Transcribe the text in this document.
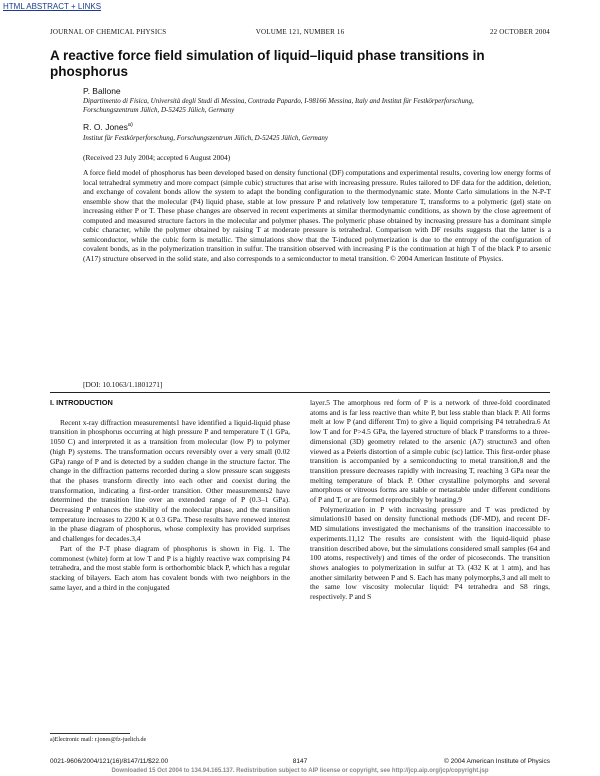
HTML ABSTRACT + LINKS
JOURNAL OF CHEMICAL PHYSICS	VOLUME 121, NUMBER 16	22 OCTOBER 2004
A reactive force field simulation of liquid–liquid phase transitions in phosphorus
P. Ballone
Dipartimento di Fisica, Università degli Studi di Messina, Contrada Papardo, I-98166 Messina, Italy and Institut für Festkörperforschung, Forschungszentrum Jülich, D-52425 Jülich, Germany
R. O. Jones$^{a)}$
Institut für Festkörperforschung, Forschungszentrum Jülich, D-52425 Jülich, Germany
(Received 23 July 2004; accepted 6 August 2004)
A force field model of phosphorus has been developed based on density functional (DF) computations and experimental results, covering low energy forms of local tetrahedral symmetry and more compact (simple cubic) structures that arise with increasing pressure. Rules tailored to DF data for the addition, deletion, and exchange of covalent bonds allow the system to adapt the bonding configuration to the thermodynamic state. Monte Carlo simulations in the N-P-T ensemble show that the molecular (P4) liquid phase, stable at low pressure P and relatively low temperature T, transforms to a polymeric (gel) state on increasing either P or T. These phase changes are observed in recent experiments at similar thermodynamic conditions, as shown by the close agreement of computed and measured structure factors in the molecular and polymer phases. The polymeric phase obtained by increasing pressure has a dominant simple cubic character, while the polymer obtained by raising T at moderate pressure is tetrahedral. Comparison with DF results suggests that the latter is a semiconductor, while the cubic form is metallic. The simulations show that the T-induced polymerization is due to the entropy of the configuration of covalent bonds, as in the polymerization transition in sulfur. The transition observed with increasing P is the continuation at high T of the black P to arsenic (A17) structure observed in the solid state, and also corresponds to a semiconductor to metal transition. © 2004 American Institute of Physics.
[DOI: 10.1063/1.1801271]
I. INTRODUCTION

Recent x-ray diffraction measurements1 have identified a liquid-liquid phase transition in phosphorus occurring at high pressure P and temperature T (1 GPa, 1050 C) and interpreted it as a transition from molecular (low P) to polymer (high P) systems. The transformation occurs reversibly over a very small (0.02 GPa) range of P and is detected by a sudden change in the structure factor. The change in the diffraction patterns recorded during a slow pressure scan suggests that the phases transform directly into each other and coexist during the transformation, indicating a first-order transition. Other measurements2 have determined the transition line over an extended range of P (0.3–1 GPa). Decreasing P enhances the stability of the molecular phase, and the transition temperature increases to 2200 K at 0.3 GPa. These results have renewed interest in the phase diagram of phosphorus, whose complexity has provided surprises and challenges for decades.3,4

Part of the P-T phase diagram of phosphorus is shown in Fig. 1. The commonest (white) form at low T and P is a highly reactive wax comprising P4 tetrahedra, and the most stable form is orthorhombic black P, which has a regular stacking of bilayers. Each atom has covalent bonds with two neighbors in the same layer, and a third in the conjugated

layer.5 The amorphous red form of P is a network of three-fold coordinated atoms and is far less reactive than white P, but less stable than black P. All forms melt at low P (and different Tm) to give a liquid comprising P4 tetrahedra.6 At low T and for P>4.5 GPa, the layered structure of black P transforms to a three-dimensional (3D) geometry related to the arsenic (A7) structure3 and often viewed as a Peierls distortion of a simple cubic (sc) lattice. This first-order phase transition is accompanied by a semiconducting to metal transition,8 and the transition pressure decreases rapidly with increasing T, reaching 3 GPa near the melting temperature of black P. Other crystalline polymorphs and several amorphous or vitreous forms are stable or metastable under different conditions of P and T, or are formed reproducibly by heating.9

Polymerization in P with increasing pressure and T was predicted by simulations10 based on density functional methods (DF-MD), and recent DF-MD simulations investigated the mechanisms of the transition inaccessible to experiments.11,12 The results are consistent with the liquid-liquid phase transition described above, but the simulations considered small samples (64 and 100 atoms, respectively) and times of the order of picoseconds. The transition shows analogies to polymerization in sulfur at Tλ (432 K at 1 atm), and has another similarity between P and S. Each has many polymorphs,3 and all melt to the same low viscosity molecular liquid: P4 tetrahedra and S8 rings, respectively. P and S

a)Electronic mail: r.jones@fz-juelich.de
0021-9606/2004/121(16)/8147/11/$22.00	8147	© 2004 American Institute of Physics
Downloaded 15 Oct 2004 to 134.94.165.137. Redistribution subject to AIP license or copyright, see http://jcp.aip.org/jcp/copyright.jsp
